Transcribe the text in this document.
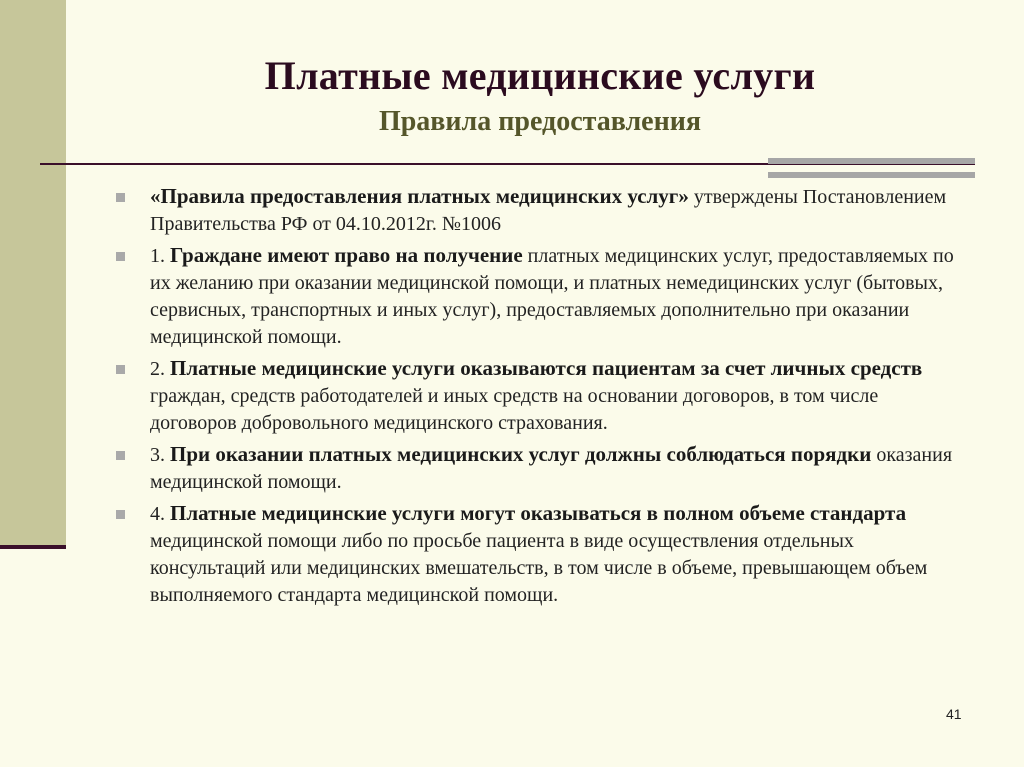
Платные медицинские услуги
Правила предоставления
«Правила предоставления платных медицинских услуг» утверждены Постановлением Правительства РФ от 04.10.2012г. №1006
1. Граждане имеют право на получение платных медицинских услуг, предоставляемых по их желанию при оказании медицинской помощи, и платных немедицинских услуг (бытовых, сервисных, транспортных и иных услуг), предоставляемых дополнительно при оказании медицинской помощи.
2. Платные медицинские услуги оказываются пациентам за счет личных средств граждан, средств работодателей и иных средств на основании договоров, в том числе договоров добровольного медицинского страхования.
3. При оказании платных медицинских услуг должны соблюдаться порядки оказания медицинской помощи.
4. Платные медицинские услуги могут оказываться в полном объеме стандарта медицинской помощи либо по просьбе пациента в виде осуществления отдельных консультаций или медицинских вмешательств, в том числе в объеме, превышающем объем выполняемого стандарта медицинской помощи.
41
